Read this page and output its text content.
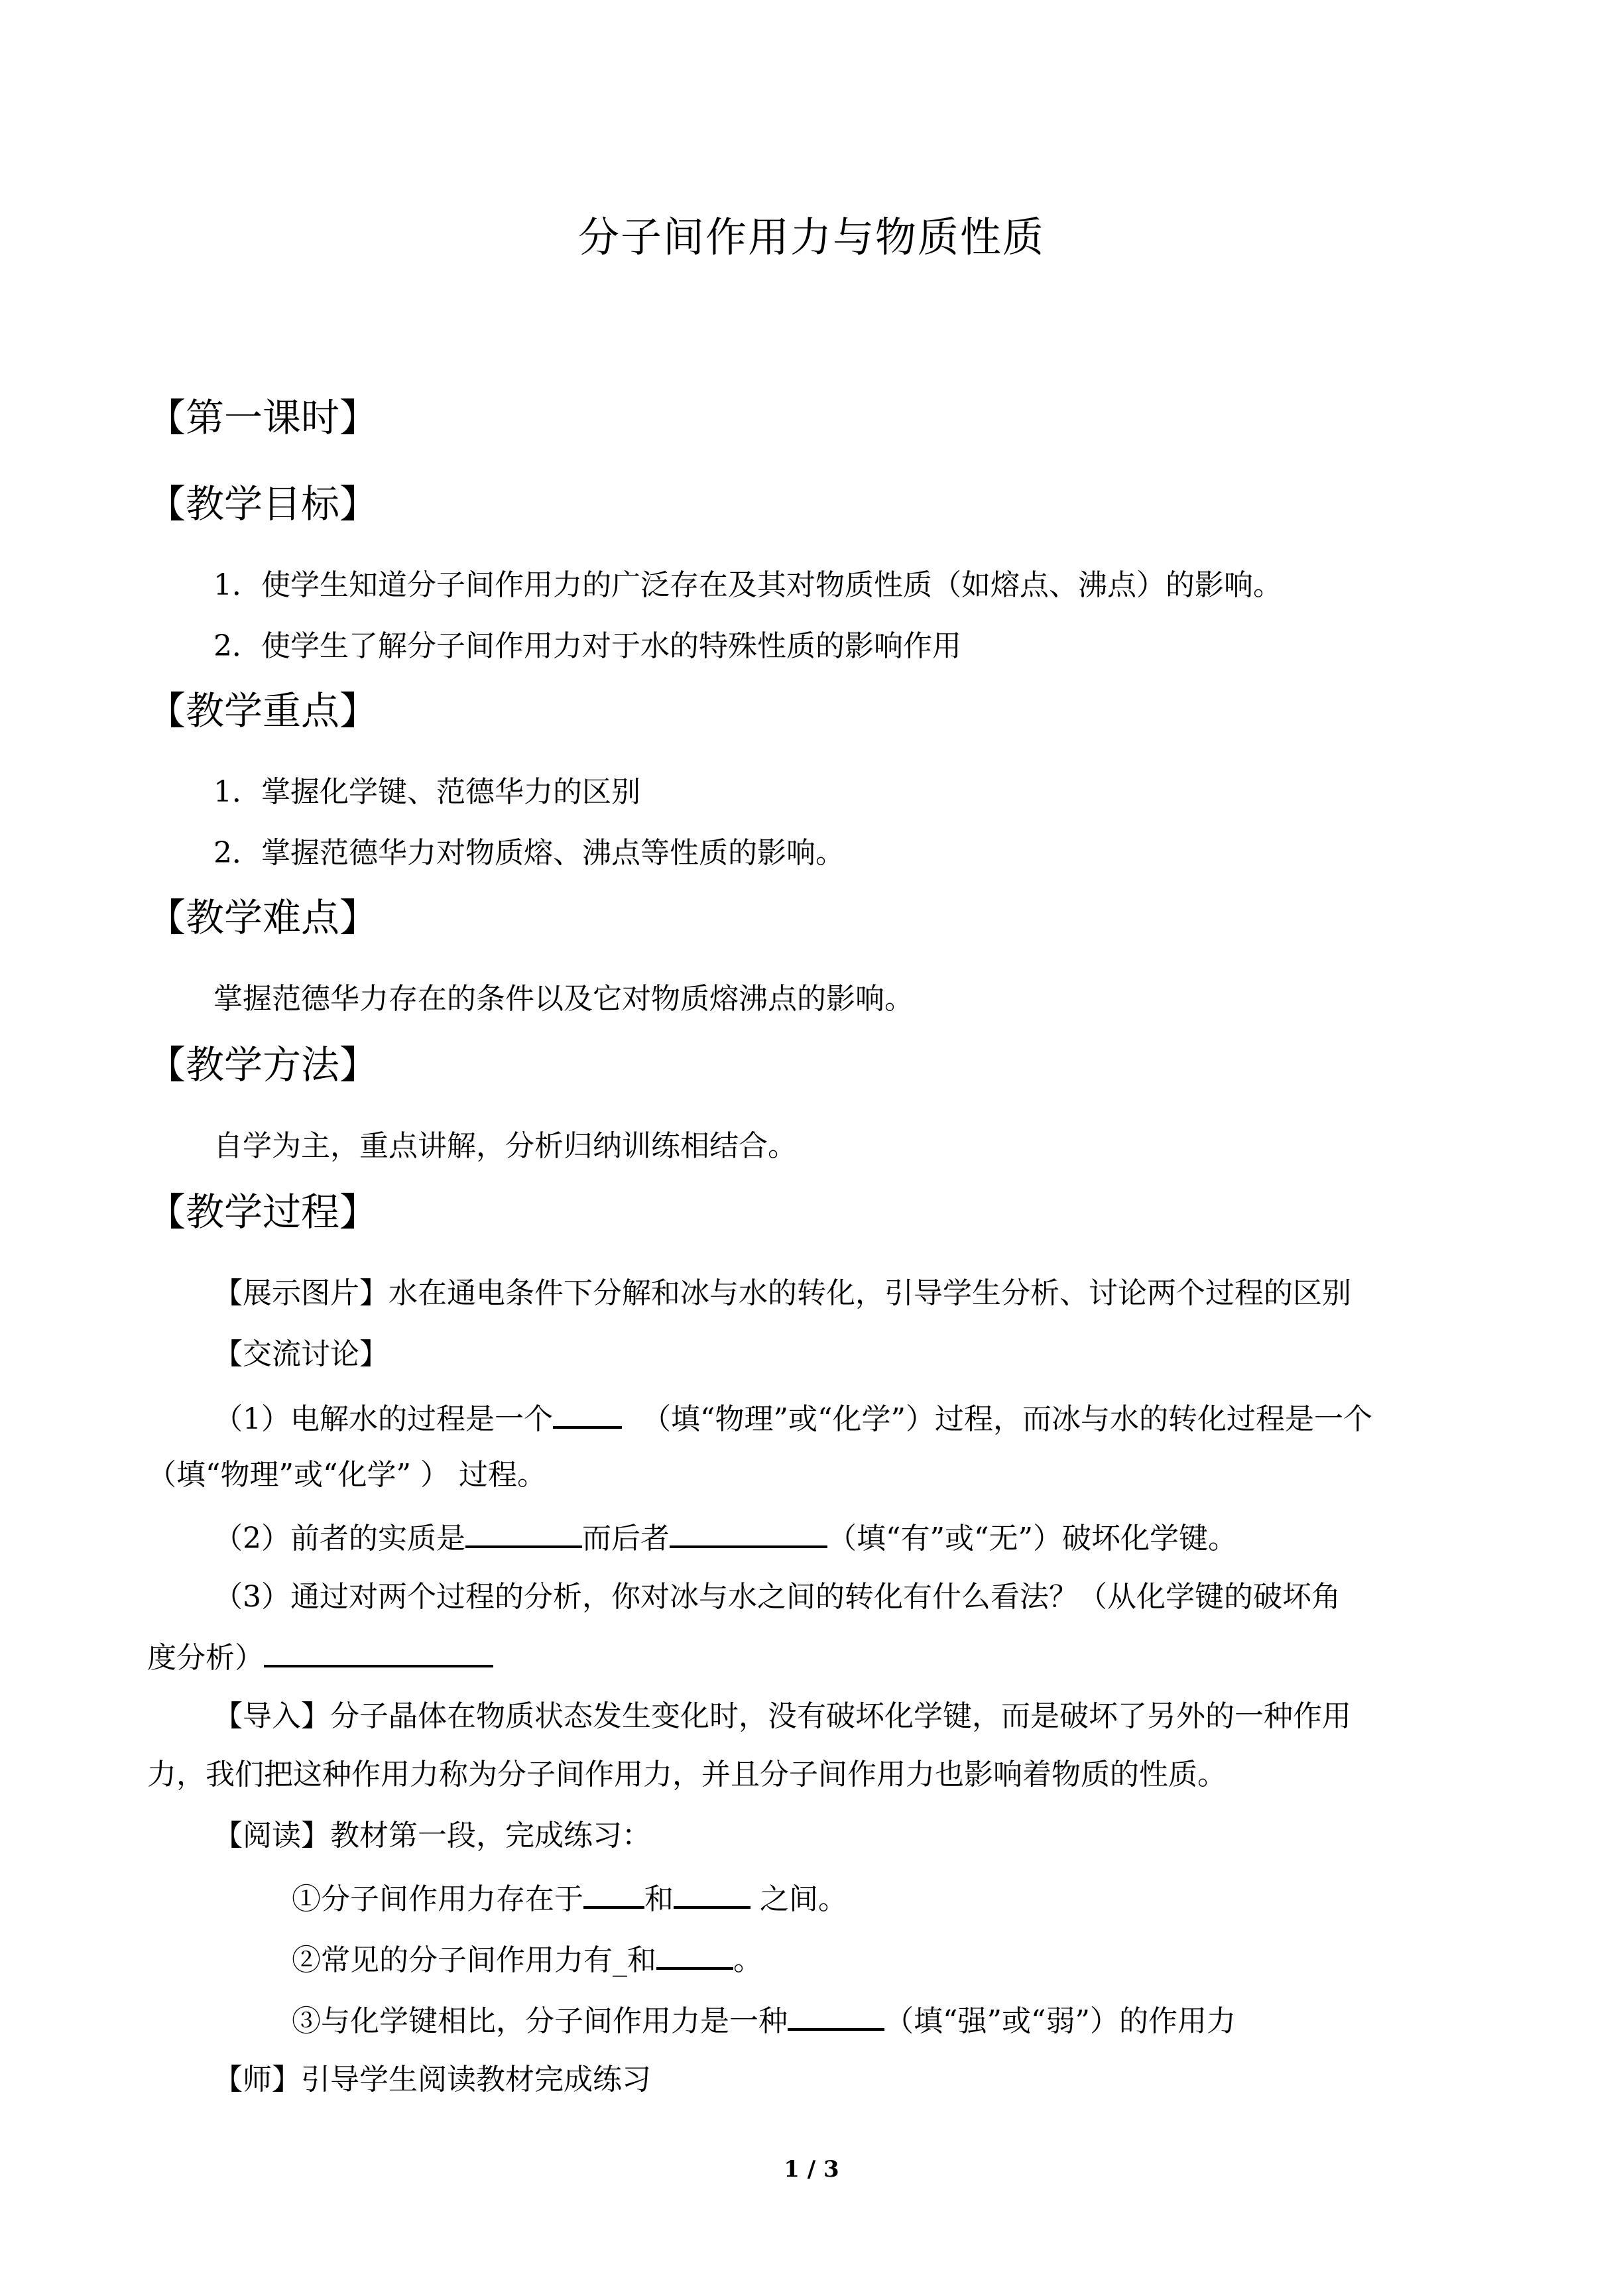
分子间作用力与物质性质
【第一课时】
【教学目标】
1．使学生知道分子间作用力的广泛存在及其对物质性质（如熔点、沸点）的影响。
2．使学生了解分子间作用力对于水的特殊性质的影响作用
【教学重点】
1．掌握化学键、范德华力的区别
2．掌握范德华力对物质熔、沸点等性质的影响。
【教学难点】
掌握范德华力存在的条件以及它对物质熔沸点的影响。
【教学方法】
自学为主，重点讲解，分析归纳训练相结合。
【教学过程】
【展示图片】水在通电条件下分解和冰与水的转化，引导学生分析、讨论两个过程的区别
【交流讨论】
（1）电解水的过程是一个	（填“物理”或“化学”）过程，而冰与水的转化过程是一个
（填“物理”或“化学” ） 过程。
（2）前者的实质是	而后者	（填“有”或“无”）破坏化学键。
（3）通过对两个过程的分析，你对冰与水之间的转化有什么看法？（从化学键的破坏角
度分析）
【导入】分子晶体在物质状态发生变化时，没有破坏化学键，而是破坏了另外的一种作用
力，我们把这种作用力称为分子间作用力，并且分子间作用力也影响着物质的性质。
【阅读】教材第一段，完成练习：
①分子间作用力存在于 和	之间。
②常见的分子间作用力有_和	。
③与化学键相比，分子间作用力是一种	（填“强”或“弱”）的作用力
【师】引导学生阅读教材完成练习
1 / 3
